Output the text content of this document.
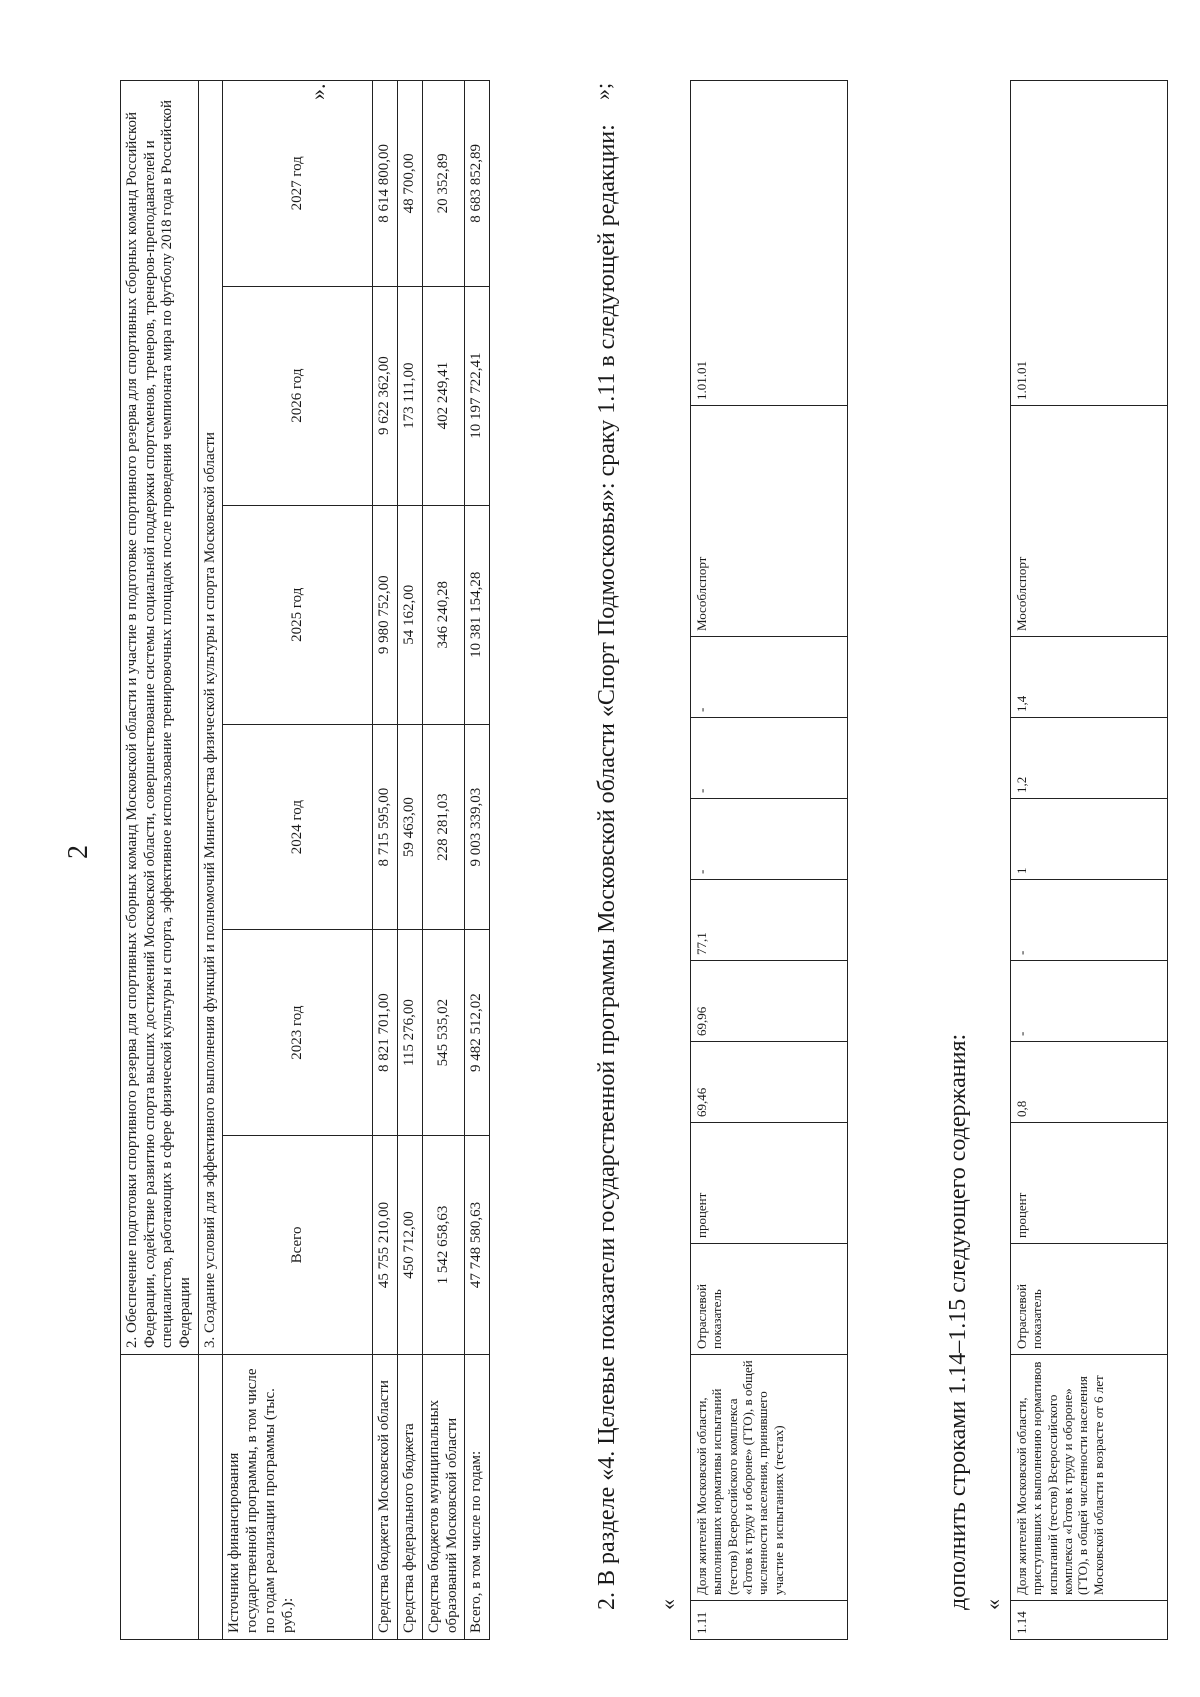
2
	2. Обеспечение подготовки спортивного резерва для спортивных сборных команд Московской области и участие в подготовке спортивного резерва для спортивных сборных команд Российской Федерации, содействие развитию спорта высших достижений Московской области, совершенствование системы социальной поддержки спортсменов, тренеров, тренеров-преподавателей и специалистов, работающих в сфере физической культуры и спорта, эффективное использование тренировочных площадок после проведения чемпионата мира по футболу 2018 года в Российской Федерации					
	3. Создание условий для эффективного выполнения функций и полномочий Министерства физической культуры и спорта Московской области					
Источники финансирования государственной программы, в том числе по годам реализации программы (тыс. руб.):	Всего	2023 год	2024 год	2025 год	2026 год	2027 год
Средства бюджета Московской области	45 755 210,00	8 821 701,00	8 715 595,00	9 980 752,00	9 622 362,00	8 614 800,00
Средства федерального бюджета	450 712,00	115 276,00	59 463,00	54 162,00	173 111,00	48 700,00
Средства бюджетов муниципальных образований Московской области	1 542 658,63	545 535,02	228 281,03	346 240,28	402 249,41	20 352,89
Всего, в том числе по годам:	47 748 580,63	9 482 512,02	9 003 339,03	10 381 154,28	10 197 722,41	8 683 852,89
».
2. В разделе «4. Целевые показатели государственной программы Московской области «Спорт Подмосковья»: сраку 1.11 в следующей редакции: «
1.11	Доля жителей Московской области, выполнивших нормативы испытаний (тестов) Всероссийского комплекса «Готов к труду и обороне» (ГТО), в общей численности населения, принявшего участие в испытаниях (тестах)	Отраслевой показатель	процент	69,46	69,96	77,1	-	-	-	Мособлспорт	1.01.01
»;
дополнить строками 1.14–1.15 следующего содержания: «
1.14	Доля жителей Московской области, приступивших к выполнению нормативов испытаний (тестов) Всероссийского комплекса «Готов к труду и обороне» (ГТО), в общей численности населения Московской области в возрасте от 6 лет	Отраслевой показатель	процент	0,8	-	-	1	1,2	1,4	Мособлспорт	1.01.01
